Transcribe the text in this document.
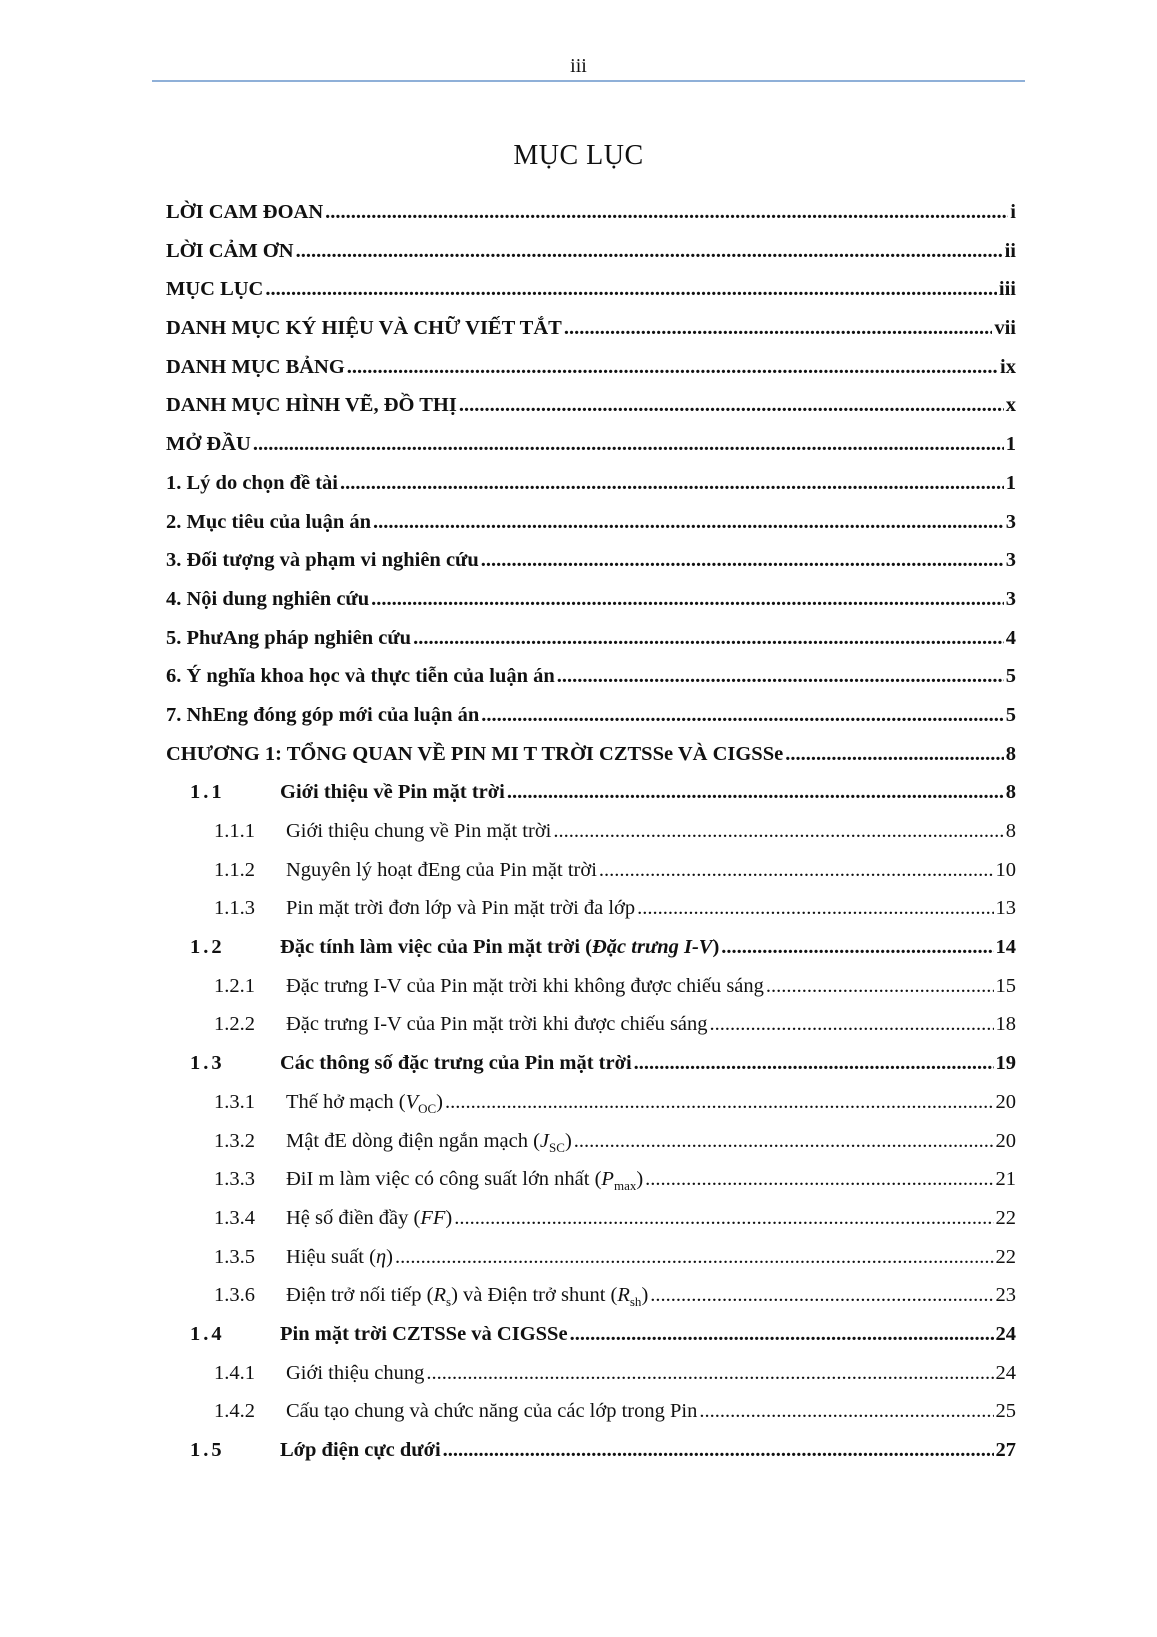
iii
MỤC LỤC
LỜI CAM ĐOAN .....	i
LỜI CẢM ƠN .....	ii
MỤC LỤC .....	iii
DANH MỤC KÝ HIỆU VÀ CHỮ VIẾT TẮT .....	vii
DANH MỤC BẢNG .....	ix
DANH MỤC HÌNH VẼ, ĐỒ THỊ .....	x
MỞ ĐẦU .....	1
1. Lý do chọn đề tài .....	1
2. Mục tiêu của luận án .....	3
3. Đối tượng và phạm vi nghiên cứu .....	3
4. Nội dung nghiên cứu .....	3
5. PhưAng pháp nghiên cứu .....	4
6. Ý nghĩa khoa học và thực tiễn của luận án .....	5
7. NhEng đóng góp mới của luận án .....	5
CHƯƠNG 1: TỔNG QUAN VỀ PIN MI T TRỜI CZTSSe VÀ CIGSSe .....	8
1.1	Giới thiệu về Pin mặt trời .....	8
1.1.1	Giới thiệu chung về Pin mặt trời .....	8
1.1.2	Nguyên lý hoạt đEng của Pin mặt trời .....	10
1.1.3	Pin mặt trời đơn lớp và Pin mặt trời đa lớp .....	13
1.2	Đặc tính làm việc của Pin mặt trời (Đặc trưng I-V) .....	14
1.2.1	Đặc trưng I-V của Pin mặt trời khi không được chiếu sáng .....	15
1.2.2	Đặc trưng I-V của Pin mặt trời khi được chiếu sáng .....	18
1.3	Các thông số đặc trưng của Pin mặt trời .....	19
1.3.1	Thế hở mạch $(V_{OC})$ .....	20
1.3.2	Mật đE dòng điện ngắn mạch $(J_{SC})$ .....	20
1.3.3	ĐiI m làm việc có công suất lớn nhất $(P_{max})$ .....	21
1.3.4	Hệ số điền đầy (FF) .....	22
1.3.5	Hiệu suất (η) .....	22
1.3.6	Điện trở nối tiếp $(R_s)$ và Điện trở shunt $(R_{sh})$ .....	23
1.4	Pin mặt trời CZTSSe và CIGSSe .....	24
1.4.1	Giới thiệu chung .....	24
1.4.2	Cấu tạo chung và chức năng của các lớp trong Pin .....	25
1.5	Lớp điện cực dưới .....	27
